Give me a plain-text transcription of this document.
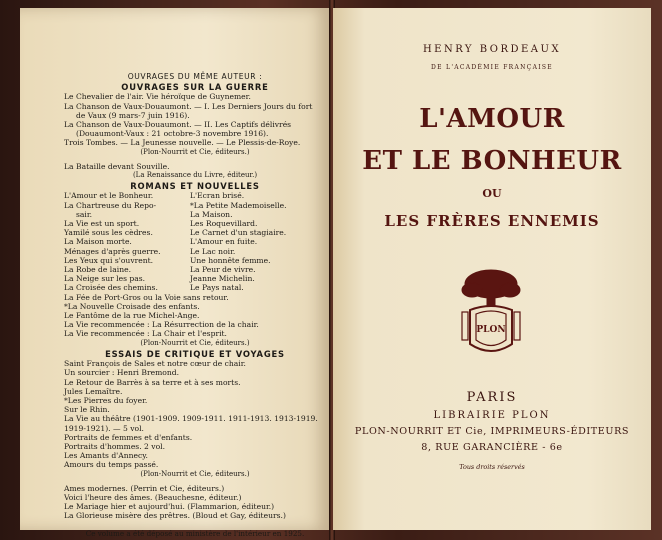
OUVRAGES DU MÊME AUTEUR :
OUVRAGES SUR LA GUERRE
Le Chevalier de l'air. Vie héroïque de Guynemer.
La Chanson de Vaux-Douaumont. — I. Les Derniers Jours du fort
de Vaux (9 mars-7 juin 1916).
La Chanson de Vaux-Douaumont. — II. Les Captifs délivrés
(Douaumont-Vaux : 21 octobre-3 novembre 1916).
Trois Tombes. — La Jeunesse nouvelle. — Le Plessis-de-Roye.
(Plon-Nourrit et Cie, éditeurs.)
La Bataille devant Souville.
(La Renaissance du Livre, éditeur.)
ROMANS ET NOUVELLES
L'Amour et le Bonheur.
La Chartreuse du Repo-
sair.
La Vie est un sport.
Yamilé sous les cèdres.
La Maison morte.
Ménages d'après guerre.
Les Yeux qui s'ouvrent.
La Robe de laine.
La Neige sur les pas.
La Croisée des chemins.
L'Ecran brisé.
*La Petite Mademoiselle.
La Maison.
Les Roquevillard.
Le Carnet d'un stagiaire.
L'Amour en fuite.
Le Lac noir.
Une honnête femme.
La Peur de vivre.
Jeanne Michelin.
Le Pays natal.
La Fée de Port-Gros ou la Voie sans retour.
*La Nouvelle Croisade des enfants.
Le Fantôme de la rue Michel-Ange.
La Vie recommencée : La Résurrection de la chair.
La Vie recommencée : La Chair et l'esprit.
(Plon-Nourrit et Cie, éditeurs.)
ESSAIS DE CRITIQUE ET VOYAGES
Saint François de Sales et notre cœur de chair.
Un sourcier : Henri Bremond.
Le Retour de Barrès à sa terre et à ses morts.
Jules Lemaître.
*Les Pierres du foyer.
Sur le Rhin.
La Vie au théâtre (1901-1909. 1909-1911. 1911-1913. 1913-1919.
1919-1921). — 5 vol.
Portraits de femmes et d'enfants.
Portraits d'hommes. 2 vol.
Les Amants d'Annecy.
Amours du temps passé.
(Plon-Nourrit et Cie, éditeurs.)
Ames modernes. (Perrin et Cie, éditeurs.)
Voici l'heure des âmes. (Beauchesne, éditeur.)
Le Mariage hier et aujourd'hui. (Flammarion, éditeur.)
La Glorieuse misère des prêtres. (Bloud et Gay, éditeurs.)
Ce volume a été déposé au ministère de l'intérieur en 1925.
HENRY BORDEAUX
DE L'ACADÉMIE FRANÇAISE
L'AMOUR
ET LE BONHEUR
OU
LES FRÈRES ENNEMIS
PLON
PARIS
LIBRAIRIE PLON
PLON-NOURRIT ET Cie, IMPRIMEURS-ÉDITEURS
8, RUE GARANCIÈRE - 6e
Tous droits réservés
